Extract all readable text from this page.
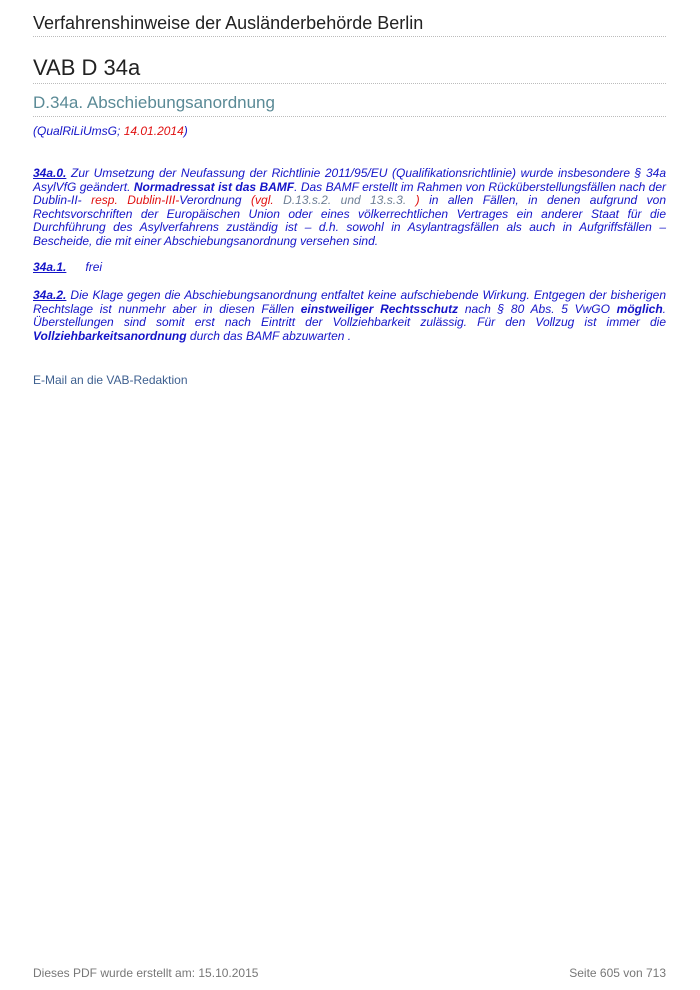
Verfahrenshinweise der Ausländerbehörde Berlin
VAB D 34a
D.34a. Abschiebungsanordnung
(QualRiLiUmsG; 14.01.2014)
34a.0. Zur Umsetzung der Neufassung der Richtlinie 2011/95/EU (Qualifikationsrichtlinie) wurde insbesondere § 34a AsylVfG geändert. Normadressat ist das BAMF. Das BAMF erstellt im Rahmen von Rücküberstellungsfällen nach der Dublin-II- resp. Dublin-III-Verordnung (vgl. D.13.s.2. und 13.s.3. ) in allen Fällen, in denen aufgrund von Rechtsvorschriften der Europäischen Union oder eines völkerrechtlichen Vertrages ein anderer Staat für die Durchführung des Asylverfahrens zuständig ist – d.h. sowohl in Asylantragsfällen als auch in Aufgriffsfällen – Bescheide, die mit einer Abschiebungsanordnung versehen sind.
34a.1. frei
34a.2. Die Klage gegen die Abschiebungsanordnung entfaltet keine aufschiebende Wirkung. Entgegen der bisherigen Rechtslage ist nunmehr aber in diesen Fällen einstweiliger Rechtsschutz nach § 80 Abs. 5 VwGO möglich. Überstellungen sind somit erst nach Eintritt der Vollziehbarkeit zulässig. Für den Vollzug ist immer die Vollziehbarkeitsanordnung durch das BAMF abzuwarten .
E-Mail an die VAB-Redaktion
Dieses PDF wurde erstellt am: 15.10.2015	Seite 605 von 713
